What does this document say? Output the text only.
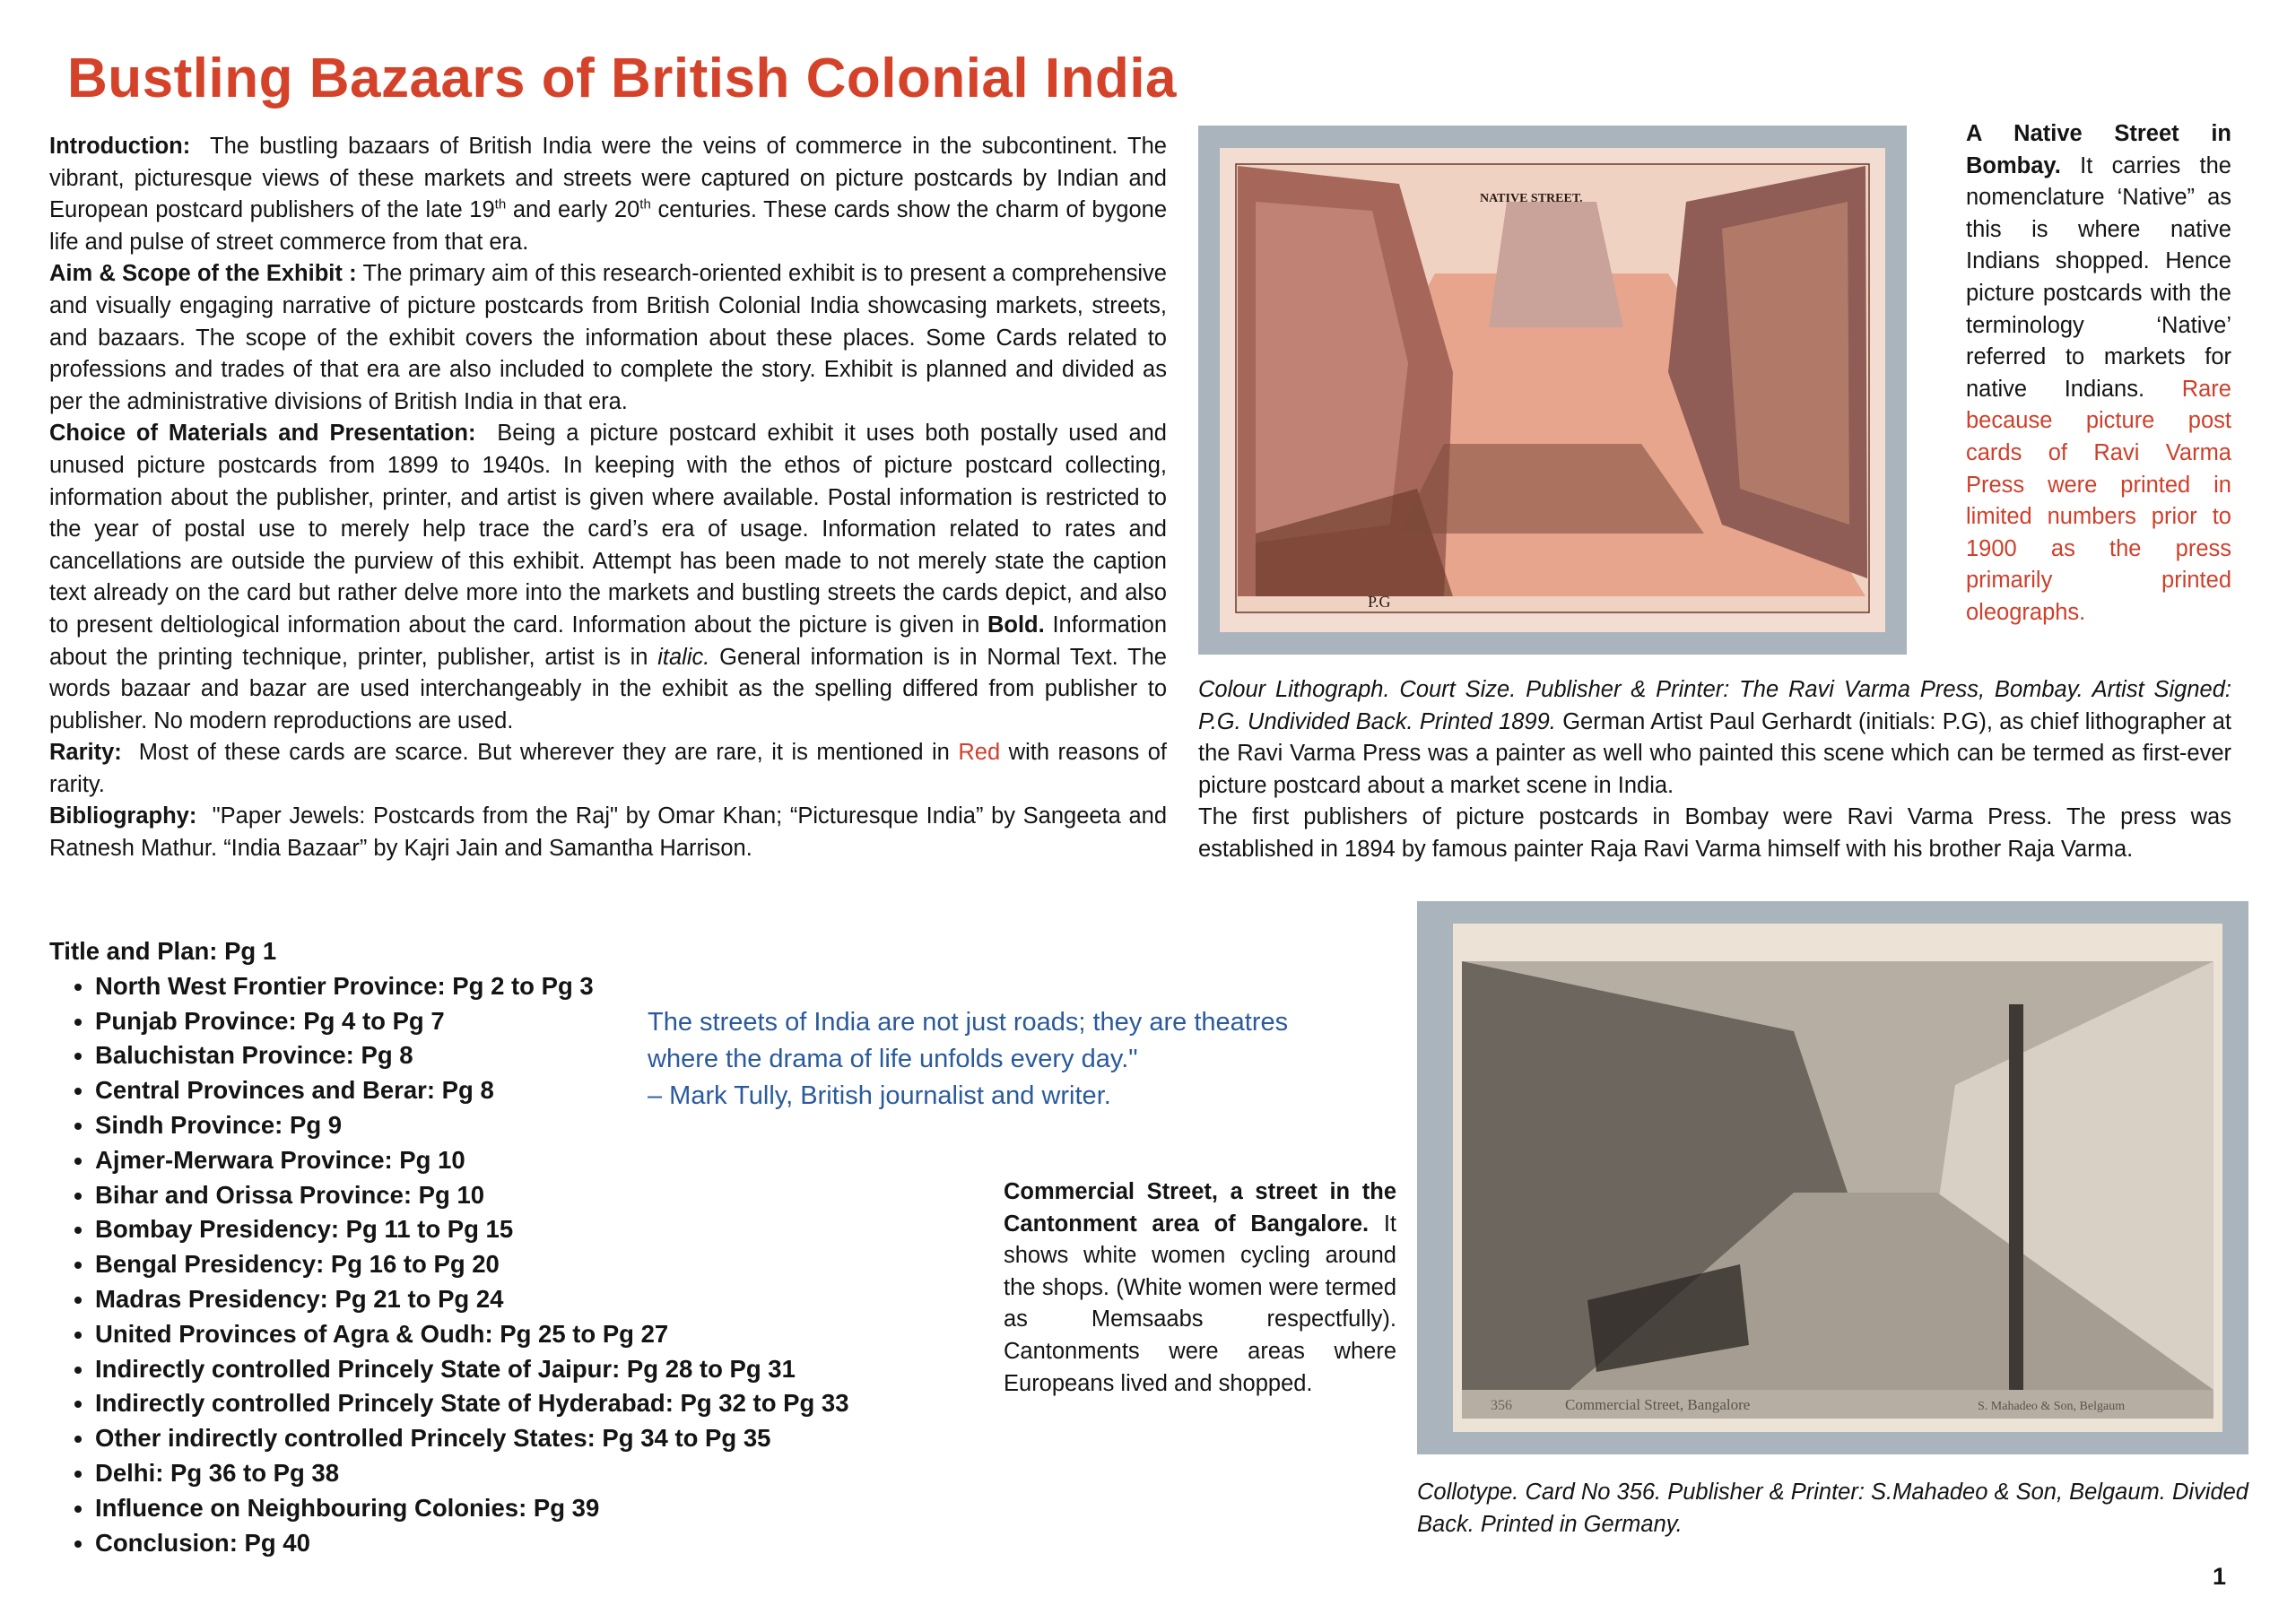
Bustling Bazaars of British Colonial India

Introduction: The bustling bazaars of British India were the veins of commerce in the subcontinent. The vibrant, picturesque views of these markets and streets were captured on picture postcards by Indian and European postcard publishers of the late 19th and early 20th centuries. These cards show the charm of bygone life and pulse of street commerce from that era.

Aim & Scope of the Exhibit : The primary aim of this research-oriented exhibit is to present a comprehensive and visually engaging narrative of picture postcards from British Colonial India showcasing markets, streets, and bazaars. The scope of the exhibit covers the information about these places. Some Cards related to professions and trades of that era are also included to complete the story. Exhibit is planned and divided as per the administrative divisions of British India in that era.

Choice of Materials and Presentation: Being a picture postcard exhibit it uses both postally used and unused picture postcards from 1899 to 1940s. In keeping with the ethos of picture postcard collecting, information about the publisher, printer, and artist is given where available. Postal information is restricted to the year of postal use to merely help trace the card’s era of usage. Information related to rates and cancellations are outside the purview of this exhibit. Attempt has been made to not merely state the caption text already on the card but rather delve more into the markets and bustling streets the cards depict, and also to present deltiological information about the card. Information about the picture is given in Bold. Information about the printing technique, printer, publisher, artist is in italic. General information is in Normal Text. The words bazaar and bazar are used interchangeably in the exhibit as the spelling differed from publisher to publisher. No modern reproductions are used.

Rarity: Most of these cards are scarce. But wherever they are rare, it is mentioned in Red with reasons of rarity.

Bibliography: "Paper Jewels: Postcards from the Raj" by Omar Khan; “Picturesque India” by Sangeeta and Ratnesh Mathur. “India Bazaar” by Kajri Jain and Samantha Harrison.

Title and Plan: Pg 1
• North West Frontier Province: Pg 2 to Pg 3
• Punjab Province: Pg 4 to Pg 7
• Baluchistan Province: Pg 8
• Central Provinces and Berar: Pg 8
• Sindh Province: Pg 9
• Ajmer-Merwara Province: Pg 10
• Bihar and Orissa Province: Pg 10
• Bombay Presidency: Pg 11 to Pg 15
• Bengal Presidency: Pg 16 to Pg 20
• Madras Presidency: Pg 21 to Pg 24
• United Provinces of Agra & Oudh: Pg 25 to Pg 27
• Indirectly controlled Princely State of Jaipur: Pg 28 to Pg 31
• Indirectly controlled Princely State of Hyderabad: Pg 32 to Pg 33
• Other indirectly controlled Princely States: Pg 34 to Pg 35
• Delhi: Pg 36 to Pg 38
• Influence on Neighbouring Colonies: Pg 39
• Conclusion: Pg 40
The streets of India are not just roads; they are theatres
where the drama of life unfolds every day."
– Mark Tully, British journalist and writer.
NATIVE STREET.
P.G
A Native Street in Bombay. It carries the nomenclature ‘Native” as this is where native Indians shopped. Hence picture postcards with the terminology ‘Native’ referred to markets for native Indians. Rare because picture post cards of Ravi Varma Press were printed in limited numbers prior to 1900 as the press primarily printed oleographs.
Colour Lithograph. Court Size. Publisher & Printer: The Ravi Varma Press, Bombay. Artist Signed: P.G. Undivided Back. Printed 1899. German Artist Paul Gerhardt (initials: P.G), as chief lithographer at the Ravi Varma Press was a painter as well who painted this scene which can be termed as first-ever picture postcard about a market scene in India.
The first publishers of picture postcards in Bombay were Ravi Varma Press. The press was established in 1894 by famous painter Raja Ravi Varma himself with his brother Raja Varma.
356	Commercial Street, Bangalore	S. Mahadeo & Son, Belgaum
Commercial Street, a street in the Cantonment area of Bangalore. It shows white women cycling around the shops. (White women were termed as Memsaabs respectfully). Cantonments were areas where Europeans lived and shopped.
Collotype. Card No 356. Publisher & Printer: S.Mahadeo & Son, Belgaum. Divided Back. Printed in Germany.
1
